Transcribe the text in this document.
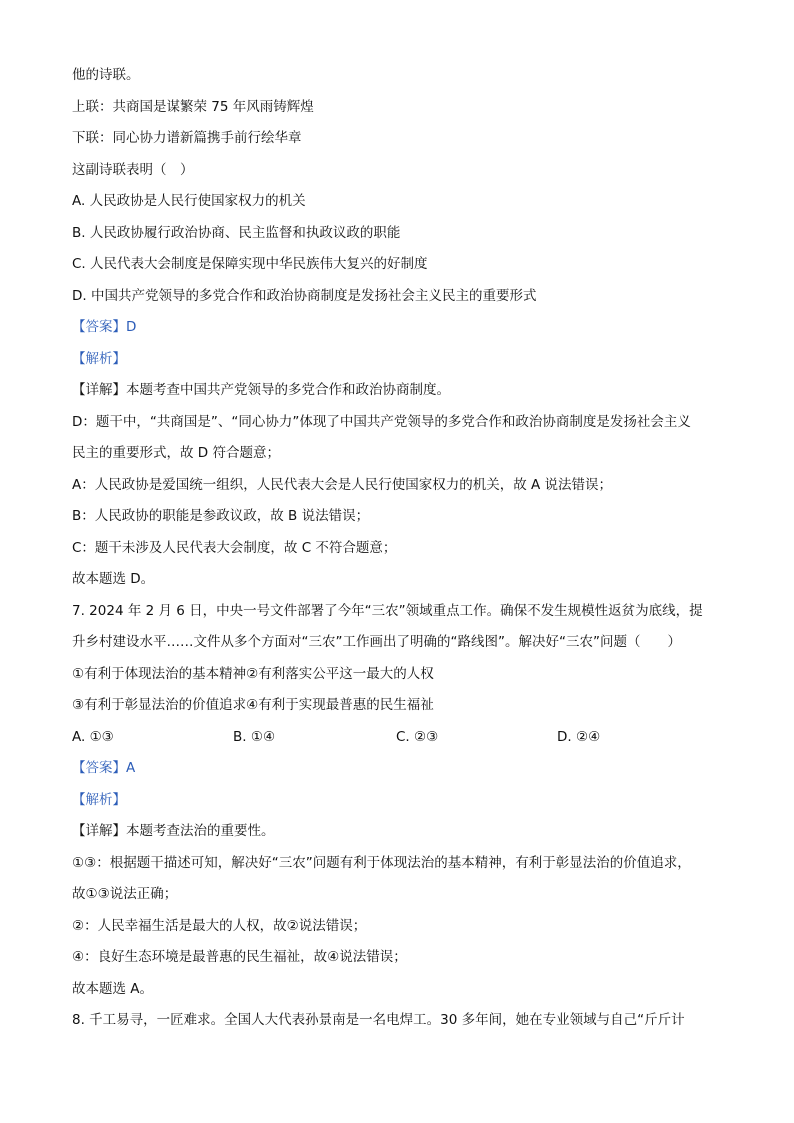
他的诗联。
上联：共商国是谋繁荣 75 年风雨铸辉煌
下联：同心协力谱新篇携手前行绘华章
这副诗联表明（　）
A. 人民政协是人民行使国家权力的机关
B. 人民政协履行政治协商、民主监督和执政议政的职能
C. 人民代表大会制度是保障实现中华民族伟大复兴的好制度
D. 中国共产党领导的多党合作和政治协商制度是发扬社会主义民主的重要形式
【答案】D
【解析】
【详解】本题考查中国共产党领导的多党合作和政治协商制度。
D：题干中，“共商国是”、“同心协力”体现了中国共产党领导的多党合作和政治协商制度是发扬社会主义
民主的重要形式，故 D 符合题意；
A：人民政协是爱国统一组织，人民代表大会是人民行使国家权力的机关，故 A 说法错误；
B：人民政协的职能是参政议政，故 B 说法错误；
C：题干未涉及人民代表大会制度，故 C 不符合题意；
故本题选 D。
7. 2024 年 2 月 6 日，中央一号文件部署了今年“三农”领域重点工作。确保不发生规模性返贫为底线，提
升乡村建设水平……文件从多个方面对“三农”工作画出了明确的“路线图”。解决好“三农”问题（　　）
①有利于体现法治的基本精神②有利落实公平这一最大的人权
③有利于彰显法治的价值追求④有利于实现最普惠的民生福祉
A. ①③	B. ①④	C. ②③	D. ②④
【答案】A
【解析】
【详解】本题考查法治的重要性。
①③：根据题干描述可知，解决好“三农”问题有利于体现法治的基本精神，有利于彰显法治的价值追求，
故①③说法正确；
②：人民幸福生活是最大的人权，故②说法错误；
④：良好生态环境是最普惠的民生福祉，故④说法错误；
故本题选 A。
8. 千工易寻，一匠难求。全国人大代表孙景南是一名电焊工。30 多年间，她在专业领域与自己“斤斤计
